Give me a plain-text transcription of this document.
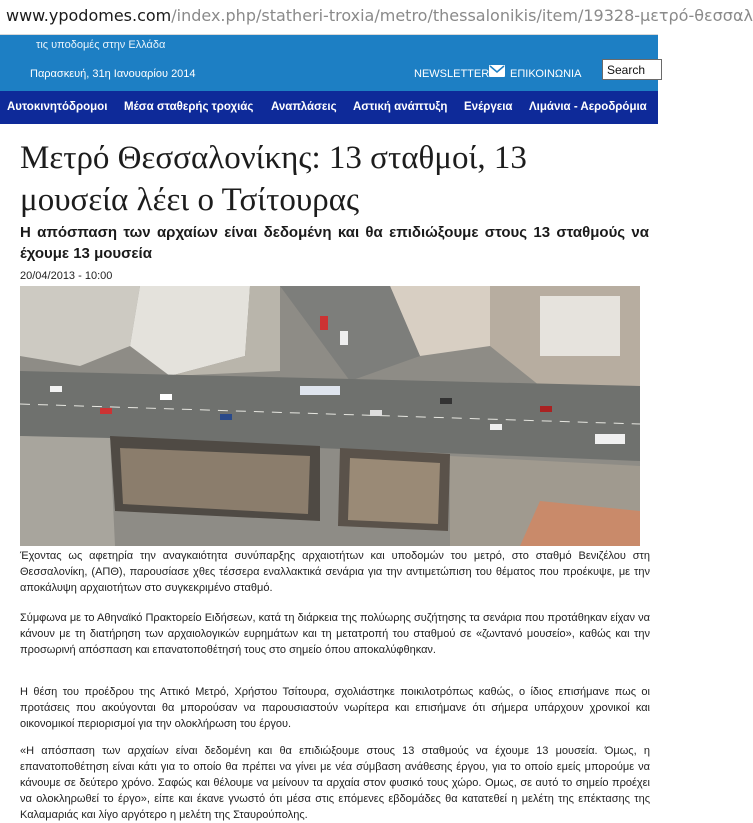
www.ypodomes.com/index.php/statheri-troxia/metro/thessalonikis/item/19328-μετρό-θεσσαλ
τις υποδομές στην Ελλάδα
Παρασκευή, 31η Ιανουαρίου 2014	NEWSLETTER ΕΠΙΚΟΙΝΩΝΙΑ
Search
Αυτοκινητόδρομοι Μέσα σταθερής τροχιάς Αναπλάσεις Αστική ανάπτυξη Ενέργεια Λιμάνια - Αεροδρόμια
Μετρό Θεσσαλονίκης: 13 σταθμοί, 13 μουσεία λέει ο Τσίτουρας
Η απόσπαση των αρχαίων είναι δεδομένη και θα επιδιώξουμε στους 13 σταθμούς να έχουμε 13 μουσεία
20/04/2013 - 10:00

Έχοντας ως αφετηρία την αναγκαιότητα συνύπαρξης αρχαιοτήτων και υποδομών του μετρό, στο σταθμό Βενιζέλου στη Θεσσαλονίκη, (ΑΠΘ), παρουσίασε χθες τέσσερα εναλλακτικά σενάρια για την αντιμετώπιση του θέματος που προέκυψε, με την αποκάλυψη αρχαιοτήτων στο συγκεκριμένο σταθμό.

Σύμφωνα με το Αθηναϊκό Πρακτορείο Ειδήσεων, κατά τη διάρκεια της πολύωρης συζήτησης τα σενάρια που προτάθηκαν είχαν να κάνουν με τη διατήρηση των αρχαιολογικών ευρημάτων και τη μετατροπή του σταθμού σε «ζωντανό μουσείο», καθώς και την προσωρινή απόσπαση και επανατοποθέτησή τους στο σημείο όπου αποκαλύφθηκαν.

Η θέση του προέδρου της Αττικό Μετρό, Χρήστου Τσίτουρα, σχολιάστηκε ποικιλοτρόπως καθώς, ο ίδιος επισήμανε πως οι προτάσεις που ακούγονται θα μπορούσαν να παρουσιαστούν νωρίτερα και επισήμανε ότι σήμερα υπάρχουν χρονικοί και οικονομικοί περιορισμοί για την ολοκλήρωση του έργου.

«Η απόσπαση των αρχαίων είναι δεδομένη και θα επιδιώξουμε στους 13 σταθμούς να έχουμε 13 μουσεία. Όμως, η επανατοποθέτηση είναι κάτι για το οποίο θα πρέπει να γίνει με νέα σύμβαση ανάθεσης έργου, για το οποίο εμείς μπορούμε να κάνουμε σε δεύτερο χρόνο. Σαφώς και θέλουμε να μείνουν τα αρχαία στον φυσικό τους χώρο. Ομως, σε αυτό το σημείο προέχει να ολοκληρωθεί το έργο», είπε και έκανε γνωστό ότι μέσα στις επόμενες εβδομάδες θα κατατεθεί η μελέτη της επέκτασης της Καλαμαριάς και λίγο αργότερο η μελέτη της Σταυρούπολης.
